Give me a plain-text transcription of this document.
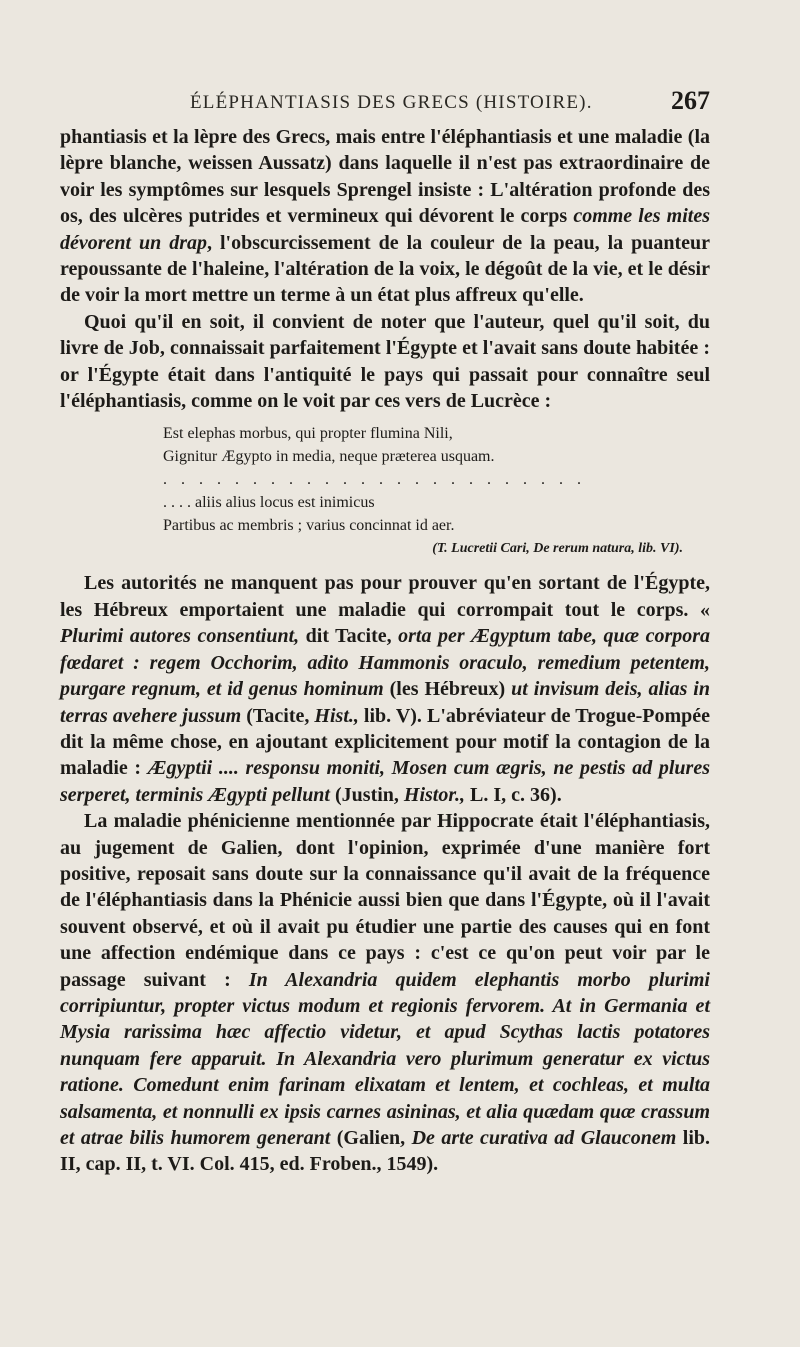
ÉLÉPHANTIASIS DES GRECS (HISTOIRE).	267

phantiasis et la lèpre des Grecs, mais entre l'éléphantiasis et une maladie (la lèpre blanche, weissen Aussatz) dans laquelle il n'est pas extraordinaire de voir les symptômes sur lesquels Sprengel insiste : L'altération profonde des os, des ulcères putrides et vermineux qui dévorent le corps comme les mites dévorent un drap, l'obscurcissement de la couleur de la peau, la puanteur repoussante de l'haleine, l'altération de la voix, le dégoût de la vie, et le désir de voir la mort mettre un terme à un état plus affreux qu'elle.

Quoi qu'il en soit, il convient de noter que l'auteur, quel qu'il soit, du livre de Job, connaissait parfaitement l'Égypte et l'avait sans doute habitée : or l'Égypte était dans l'antiquité le pays qui passait pour connaître seul l'éléphantiasis, comme on le voit par ces vers de Lucrèce :

Est elephas morbus, qui propter flumina Nili,
Gignitur Ægypto in media, neque præterea usquam.
. . . . . . . . . . . . . . . . . . . . . . . .
. . . . aliis alius locus est inimicus
Partibus ac membris ; varius concinnat id aer.
(T. Lucretii Cari, De rerum natura, lib. VI).

Les autorités ne manquent pas pour prouver qu'en sortant de l'Égypte, les Hébreux emportaient une maladie qui corrompait tout le corps. « Plurimi autores consentiunt, dit Tacite, orta per Ægyptum tabe, quæ corpora fœdaret : regem Occhorim, adito Hammonis oraculo, remedium petentem, purgare regnum, et id genus hominum (les Hébreux) ut invisum deis, alias in terras avehere jussum (Tacite, Hist., lib. V). L'abréviateur de Trogue-Pompée dit la même chose, en ajoutant explicitement pour motif la contagion de la maladie : Ægyptii .... responsu moniti, Mosen cum ægris, ne pestis ad plures serperet, terminis Ægypti pellunt (Justin, Histor., L. I, c. 36).

La maladie phénicienne mentionnée par Hippocrate était l'éléphantiasis, au jugement de Galien, dont l'opinion, exprimée d'une manière fort positive, reposait sans doute sur la connaissance qu'il avait de la fréquence de l'éléphantiasis dans la Phénicie aussi bien que dans l'Égypte, où il l'avait souvent observé, et où il avait pu étudier une partie des causes qui en font une affection endémique dans ce pays : c'est ce qu'on peut voir par le passage suivant : In Alexandria quidem elephantis morbo plurimi corripiuntur, propter victus modum et regionis fervorem. At in Germania et Mysia rarissima hæc affectio videtur, et apud Scythas lactis potatores nunquam fere apparuit. In Alexandria vero plurimum generatur ex victus ratione. Comedunt enim farinam elixatam et lentem, et cochleas, et multa salsamenta, et nonnulli ex ipsis carnes asininas, et alia quædam quæ crassum et atrae bilis humorem generant (Galien, De arte curativa ad Glauconem lib. II, cap. II, t. VI. Col. 415, ed. Froben., 1549).
